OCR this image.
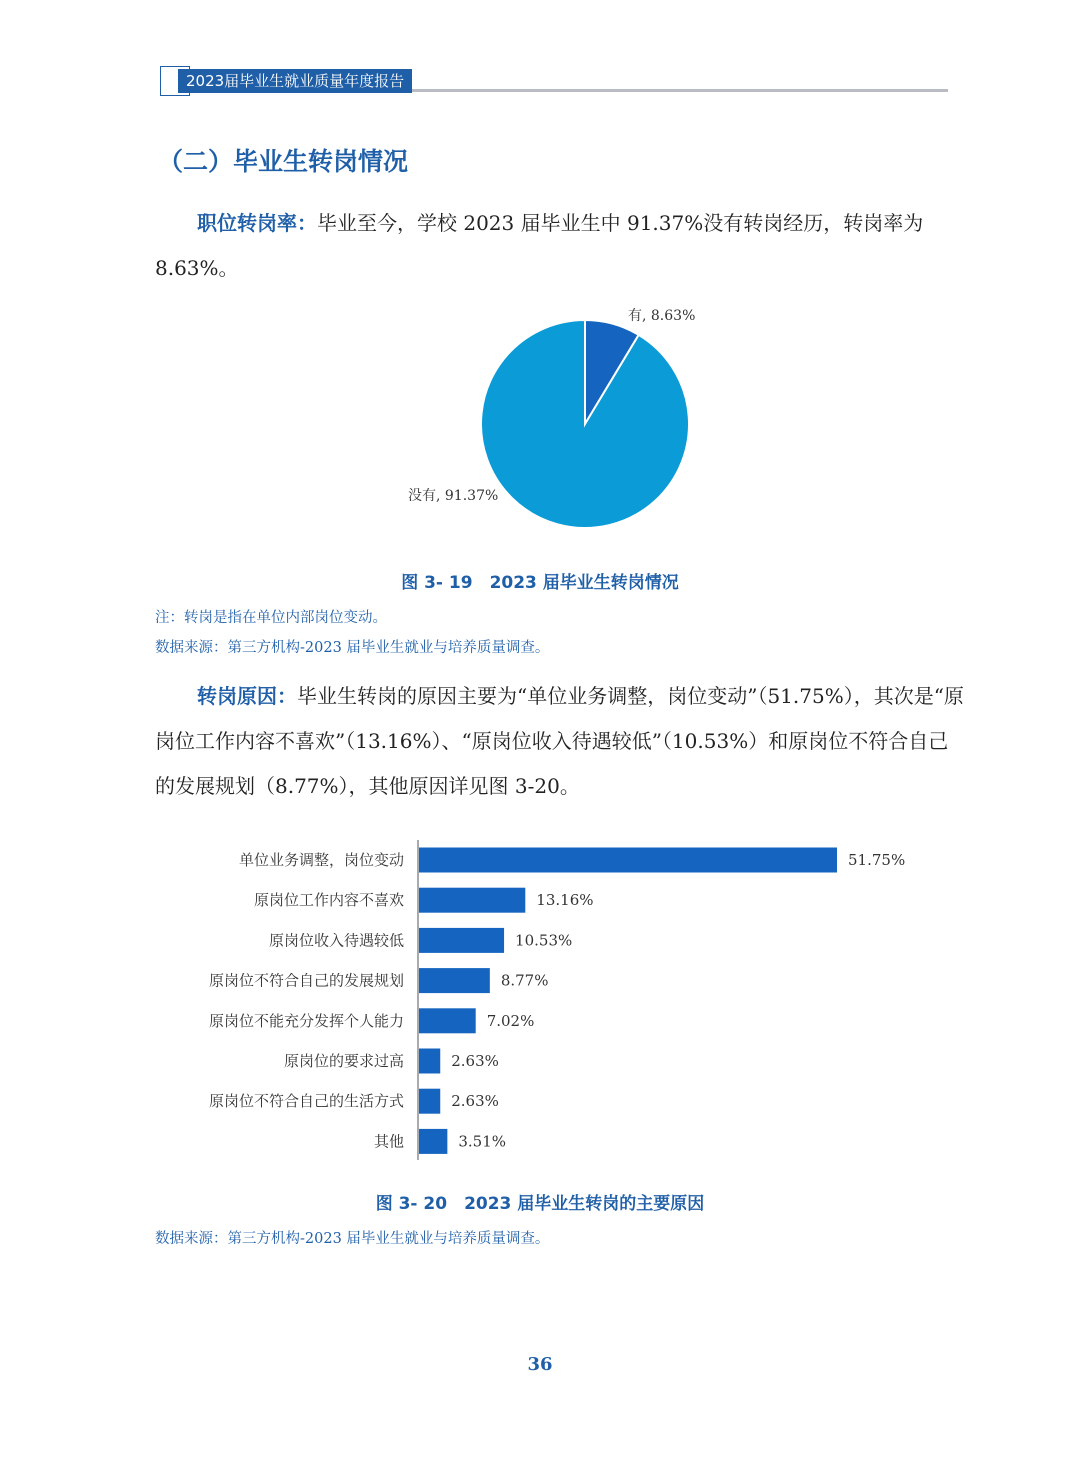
2023届毕业生就业质量年度报告
（二）毕业生转岗情况
职位转岗率：毕业至今，学校 2023 届毕业生中 91.37%没有转岗经历，转岗率为 8.63%。
有, 8.63%
没有, 91.37%
图 3- 19　2023 届毕业生转岗情况
注：转岗是指在单位内部岗位变动。
数据来源：第三方机构-2023 届毕业生就业与培养质量调查。
转岗原因：毕业生转岗的原因主要为“单位业务调整，岗位变动”（51.75%），其次是“原岗位工作内容不喜欢”（13.16%）、“原岗位收入待遇较低”（10.53%）和原岗位不符合自己的发展规划（8.77%），其他原因详见图 3-20。
单位业务调整，岗位变动	51.75%
原岗位工作内容不喜欢	13.16%
原岗位收入待遇较低	10.53%
原岗位不符合自己的发展规划	8.77%
原岗位不能充分发挥个人能力	7.02%
原岗位的要求过高	2.63%
原岗位不符合自己的生活方式	2.63%
其他	3.51%
图 3- 20　2023 届毕业生转岗的主要原因
数据来源：第三方机构-2023 届毕业生就业与培养质量调查。
36
